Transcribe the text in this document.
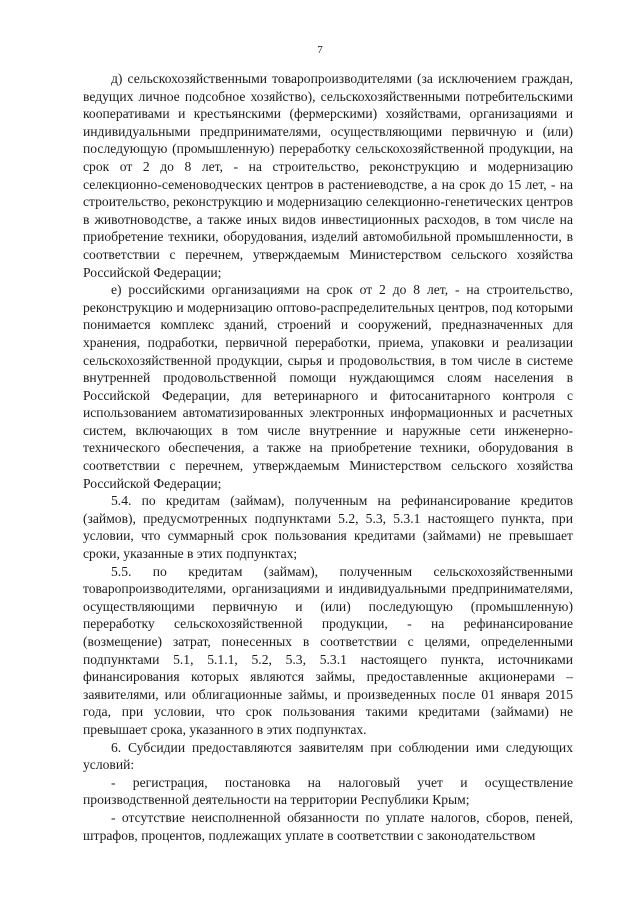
7

д) сельскохозяйственными товаропроизводителями (за исключением граждан, ведущих личное подсобное хозяйство), сельскохозяйственными потребительскими кооперативами и крестьянскими (фермерскими) хозяйствами, организациями и индивидуальными предпринимателями, осуществляющими первичную и (или) последующую (промышленную) переработку сельскохозяйственной продукции, на срок от 2 до 8 лет, - на строительство, реконструкцию и модернизацию селекционно-семеноводческих центров в растениеводстве, а на срок до 15 лет, - на строительство, реконструкцию и модернизацию селекционно-генетических центров в животноводстве, а также иных видов инвестиционных расходов, в том числе на приобретение техники, оборудования, изделий автомобильной промышленности, в соответствии с перечнем, утверждаемым Министерством сельского хозяйства Российской Федерации;

е) российскими организациями на срок от 2 до 8 лет, - на строительство, реконструкцию и модернизацию оптово-распределительных центров, под которыми понимается комплекс зданий, строений и сооружений, предназначенных для хранения, подработки, первичной переработки, приема, упаковки и реализации сельскохозяйственной продукции, сырья и продовольствия, в том числе в системе внутренней продовольственной помощи нуждающимся слоям населения в Российской Федерации, для ветеринарного и фитосанитарного контроля с использованием автоматизированных электронных информационных и расчетных систем, включающих в том числе внутренние и наружные сети инженерно-технического обеспечения, а также на приобретение техники, оборудования в соответствии с перечнем, утверждаемым Министерством сельского хозяйства Российской Федерации;

5.4. по кредитам (займам), полученным на рефинансирование кредитов (займов), предусмотренных подпунктами 5.2, 5.3, 5.3.1 настоящего пункта, при условии, что суммарный срок пользования кредитами (займами) не превышает сроки, указанные в этих подпунктах;

5.5. по кредитам (займам), полученным сельскохозяйственными товаропроизводителями, организациями и индивидуальными предпринимателями, осуществляющими первичную и (или) последующую (промышленную) переработку сельскохозяйственной продукции, - на рефинансирование (возмещение) затрат, понесенных в соответствии с целями, определенными подпунктами 5.1, 5.1.1, 5.2, 5.3, 5.3.1 настоящего пункта, источниками финансирования которых являются займы, предоставленные акционерами – заявителями, или облигационные займы, и произведенных после 01 января 2015 года, при условии, что срок пользования такими кредитами (займами) не превышает срока, указанного в этих подпунктах.

6. Субсидии предоставляются заявителям при соблюдении ими следующих условий:

- регистрация, постановка на налоговый учет и осуществление производственной деятельности на территории Республики Крым;

- отсутствие неисполненной обязанности по уплате налогов, сборов, пеней, штрафов, процентов, подлежащих уплате в соответствии с законодательством
